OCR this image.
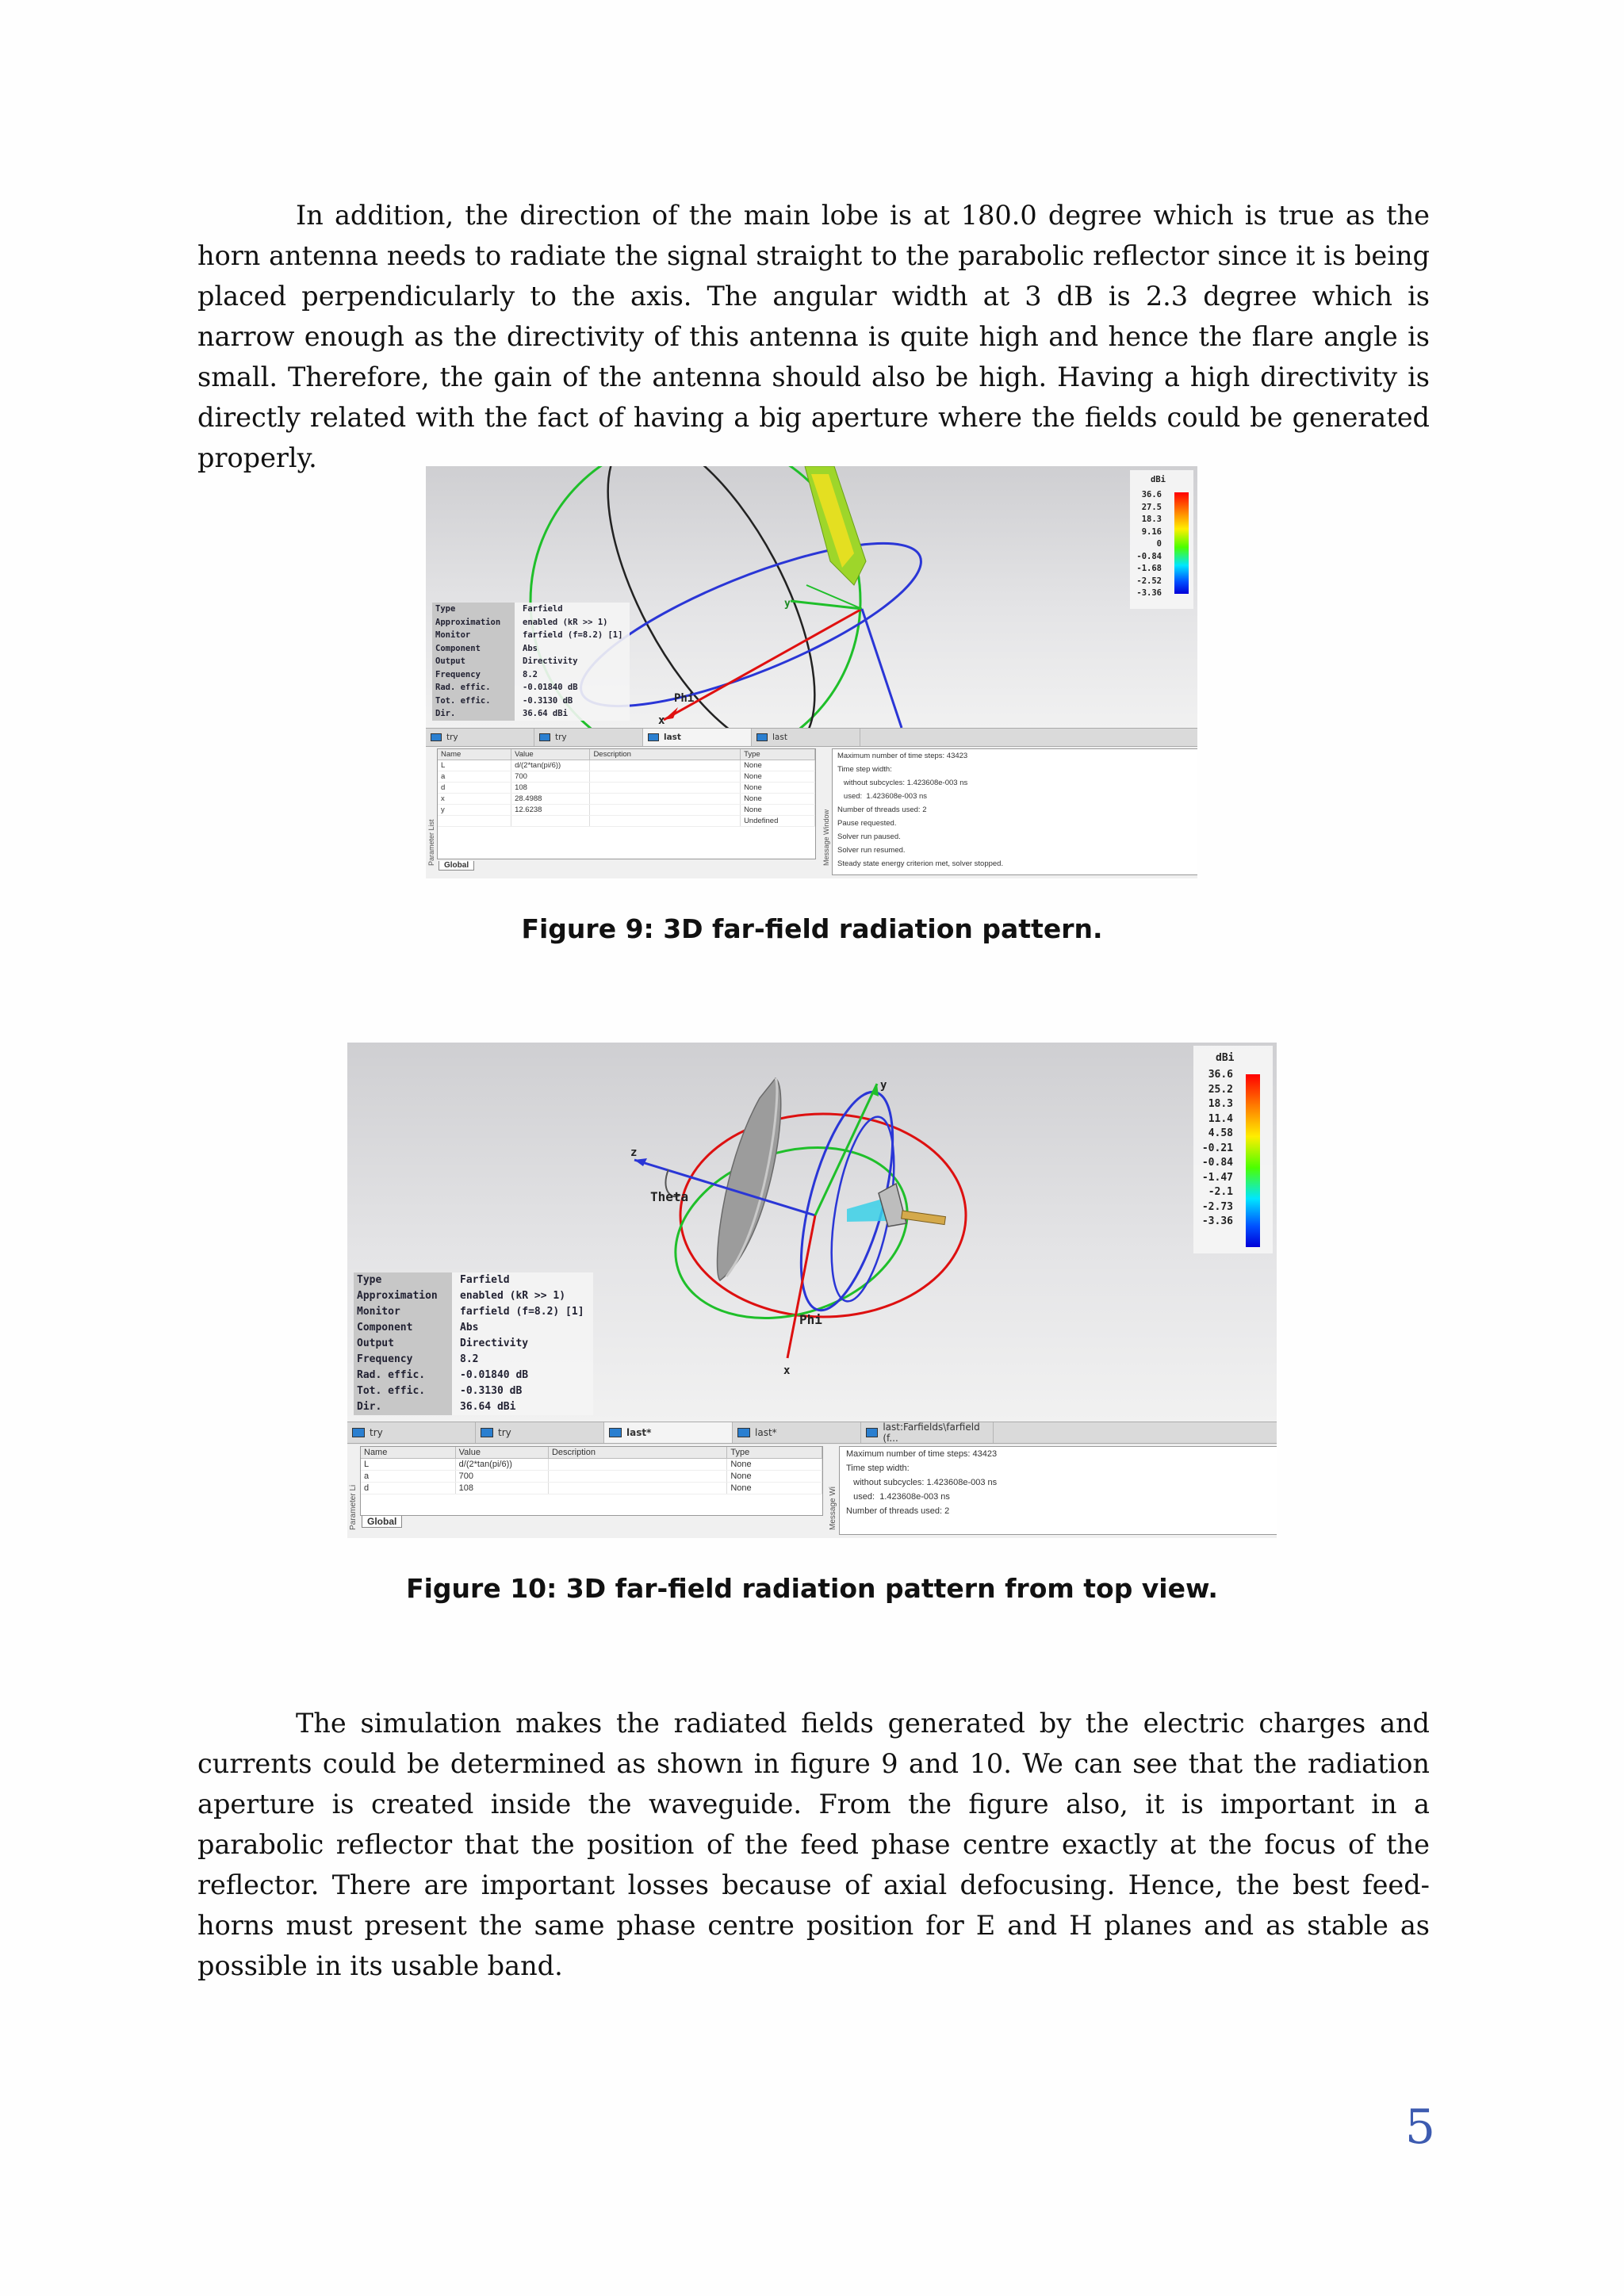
In addition, the direction of the main lobe is at 180.0 degree which is true as the horn antenna needs to radiate the signal straight to the parabolic reflector since it is being placed perpendicularly to the axis. The angular width at 3 dB is 2.3 degree which is narrow enough as the directivity of this antenna is quite high and hence the flare angle is small. Therefore, the gain of the antenna should also be high. Having a high directivity is directly related with the fact of having a big aperture where the fields could be generated properly.

Phi
x
y
dBi
36.6
27.5
18.3
9.16
0
-0.84
-1.68
-2.52
-3.36
Type	Farfield
Approximation	enabled (kR >> 1)
Monitor	farfield (f=8.2) [1]
Component	Abs
Output	Directivity
Frequency	8.2
Rad. effic.	-0.01840 dB
Tot. effic.	-0.3130 dB
Dir.	36.64 dBi
try	try	last	last
Parameter List
Name	Value	Description	Type
L	d/(2*tan(pi/6))		None
a	700		None
d	108		None
x	28.4988		None
y	12.6238		None
			Undefined
Global	Message Window
Maximum number of time steps: 43423
Time step width:
without subcycles: 1.423608e-003 ns
used:  1.423608e-003 ns
Number of threads used: 2
Pause requested.
Solver run paused.
Solver run resumed.
Steady state energy criterion met, solver stopped.
Figure 9: 3D far-field radiation pattern.
Theta
Phi
z
y
x
dBi
36.6
25.2
18.3
11.4
4.58
-0.21
-0.84
-1.47
-2.1
-2.73
-3.36
Type	Farfield
Approximation	enabled (kR >> 1)
Monitor	farfield (f=8.2) [1]
Component	Abs
Output	Directivity
Frequency	8.2
Rad. effic.	-0.01840 dB
Tot. effic.	-0.3130 dB
Dir.	36.64 dBi
try	try	last*	last*	last:Farfields\farfield (f...
Parameter Li
Name	Value	Description	Type
L	d/(2*tan(pi/6))		None
a	700		None
d	108		None
Global	Message Wi
Maximum number of time steps: 43423
Time step width:
without subcycles: 1.423608e-003 ns
used:  1.423608e-003 ns
Number of threads used: 2
Figure 10: 3D far-field radiation pattern from top view.

The simulation makes the radiated fields generated by the electric charges and currents could be determined as shown in figure 9 and 10. We can see that the radiation aperture is created inside the waveguide. From the figure also, it is important in a parabolic reflector that the position of the feed phase centre exactly at the focus of the reflector. There are important losses because of axial defocusing. Hence, the best feed-horns must present the same phase centre position for E and H planes and as stable as possible in its usable band.

5
